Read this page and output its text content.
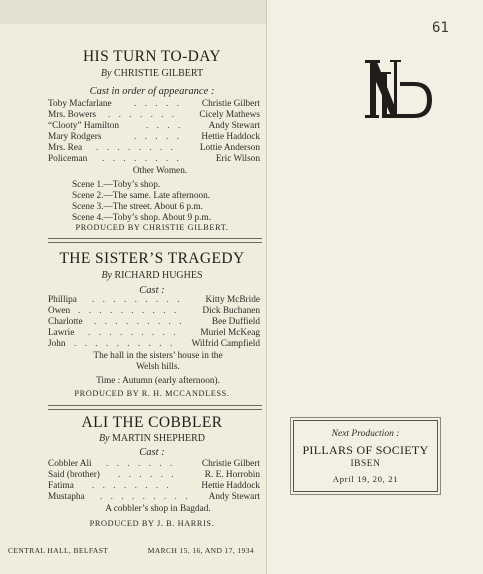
61
HIS TURN TO-DAY
By CHRISTIE GILBERT
Cast in order of appearance :
Toby Macfarlane . . . . . Christie Gilbert
Mrs. Bowers . . . . . . . Cicely Mathews
“Clooty” Hamilton	. . . .	Andy Stewart
Mary Rodgers	. . . . . Hettie Haddock
Mrs. Rea . . . . . . . .	Lottie Anderson
Policeman . . . . . . . .	Eric Wilson
Other Women.
Scene 1.—Toby’s shop.
Scene 2.—The same. Late afternoon.
Scene 3.—The street. About 6 p.m.
Scene 4.—Toby’s shop. About 9 p.m.
PRODUCED BY CHRISTIE GILBERT.
THE SISTER’S TRAGEDY
By RICHARD HUGHES
Cast :
Phillipa . . . . . . . . . Kitty McBride
Owen . . . . . . . . . .	Dick Buchanen
Charlotte . . . . . . . . .	Bee Duffield
Lawrie . . . . . . . . . Muriel McKeag
John . . . . . . . . . . Wilfrid Campfield
The hall in the sisters’ house in the
Welsh hills.
Time : Autumn (early afternoon).
PRODUCED BY R. H. MCCANDLESS.
ALI THE COBBLER
By MARTIN SHEPHERD
Cast :
Cobbler Ali . . . . . . .	Christie Gilbert
Said (brother) . . . . . .	R. E. Horrobin
Fatima . . . . . . . .	Hettie Haddock
Mustapha . . . . . . . . . Andy Stewart
A cobbler’s shop in Bagdad.
PRODUCED BY J. B. HARRIS.
CENTRAL HALL, BELFAST	MARCH 15, 16, AND 17, 1934
Next Production :
PILLARS OF SOCIETY
IBSEN
April 19, 20, 21
